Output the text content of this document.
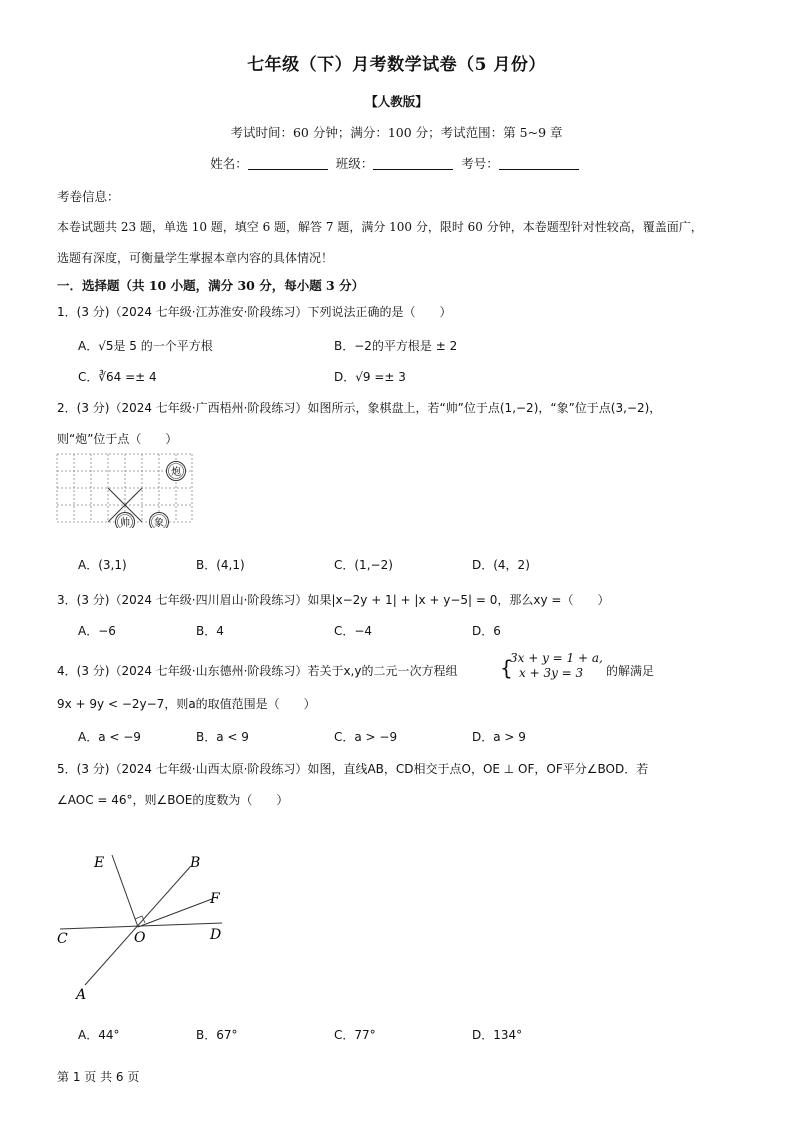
七年级（下）月考数学试卷（5 月份）
【人教版】
考试时间：60 分钟；满分：100 分；考试范围：第 5~9 章
姓名：	班级：	考号：
考卷信息：
本卷试题共 23 题，单选 10 题，填空 6 题，解答 7 题，满分 100 分，限时 60 分钟，本卷题型针对性较高，覆盖面广，
选题有深度，可衡量学生掌握本章内容的具体情况！
一．选择题（共 10 小题，满分 30 分，每小题 3 分）
1．(3 分)（2024 七年级·江苏淮安·阶段练习）下列说法正确的是（　　）
A．√5是 5 的一个平方根	B．−2的平方根是 ± 2
C．∛64 =± 4	D．√9 =± 3
2．(3 分)（2024 七年级·广西梧州·阶段练习）如图所示，象棋盘上，若“帅”位于点(1,−2)，“象”位于点(3,−2)，
则“炮”位于点（　　）
炮
帅 象
A．(3,1)	B．(4,1)	C．(1,−2)	D．(4，2)
3．(3 分)（2024 七年级·四川眉山·阶段练习）如果|x−2y + 1| + |x + y−5| = 0，那么xy =（　　）
A．−6	B．4	C．−4	D．6
4．(3 分)（2024 七年级·山东德州·阶段练习）若关于x,y的二元一次方程组 {
3x + y = 1 + a,
x + 3y = 3 的解满足
9x + 9y < −2y−7，则a的取值范围是（　　）
A．a < −9	B．a < 9	C．a > −9	D．a > 9
5．(3 分)（2024 七年级·山西太原·阶段练习）如图，直线AB，CD相交于点O，OE ⊥ OF，OF平分∠BOD．若
∠AOC = 46°，则∠BOE的度数为（　　）
E	B
F
C	O	D
A
A．44°	B．67°	C．77°	D．134°
第 1 页 共 6 页
